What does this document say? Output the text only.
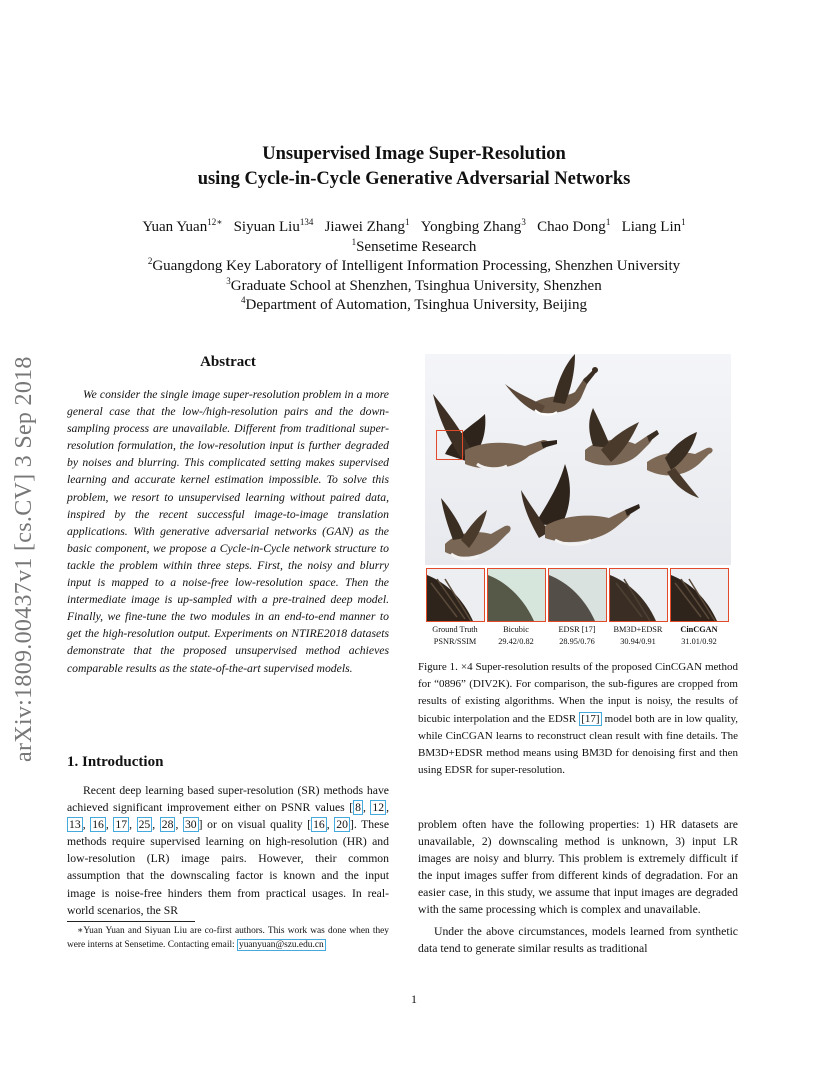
Unsupervised Image Super-Resolution
using Cycle-in-Cycle Generative Adversarial Networks
Yuan Yuan$^{12∗}$ Siyuan Liu$^{134}$ Jiawei Zhang$^1$ Yongbing Zhang$^3$ Chao Dong$^1$ Liang Lin$^1$
$^1$Sensetime Research
$^2$Guangdong Key Laboratory of Intelligent Information Processing, Shenzhen University
$^3$Graduate School at Shenzhen, Tsinghua University, Shenzhen
$^4$Department of Automation, Tsinghua University, Beijing
arXiv:1809.00437v1 [cs.CV] 3 Sep 2018	Abstract
We consider the single image super-resolution problem in a more general case that the low-/high-resolution pairs and the down-sampling process are unavailable. Different from traditional super-resolution formulation, the low-resolution input is further degraded by noises and blurring. This complicated setting makes supervised learning and accurate kernel estimation impossible. To solve this problem, we resort to unsupervised learning without paired data, inspired by the recent successful image-to-image translation applications. With generative adversarial networks (GAN) as the basic component, we propose a Cycle-in-Cycle network structure to tackle the problem within three steps. First, the noisy and blurry input is mapped to a noise-free low-resolution space. Then the intermediate image is up-sampled with a pre-trained deep model. Finally, we fine-tune the two modules in an end-to-end manner to get the high-resolution output. Experiments on NTIRE2018 datasets demonstrate that the proposed unsupervised method achieves comparable results as the state-of-the-art supervised models.
1. Introduction
Recent deep learning based super-resolution (SR) methods have achieved significant improvement either on PSNR values [ 8 , 12 , 13 , 16 , 17 , 25 , 28 , 30 ] or on visual quality [ 16 , 20 ]. These methods require supervised learning on high-resolution (HR) and low-resolution (LR) image pairs. However, their common assumption that the downscaling factor is known and the input image is noise-free hinders them from practical usages. In real-world scenarios, the SR
∗Yuan Yuan and Siyuan Liu are co-first authors. This work was done when they were interns at Sensetime. Contacting email: yuanyuan@szu.edu.cn
Ground Truth
PSNR/SSIM
Bicubic
29.42/0.82
EDSR [17]
28.95/0.76
BM3D+EDSR
30.94/0.91
CinCGAN
31.01/0.92
Figure 1. ×4 Super-resolution results of the proposed CinCGAN method for “0896” (DIV2K). For comparison, the sub-figures are cropped from results of existing algorithms. When the input is noisy, the results of bicubic interpolation and the EDSR [17] model both are in low quality, while CinCGAN learns to reconstruct clean result with fine details. The BM3D+EDSR method means using BM3D for denoising first and then using EDSR for super-resolution.

problem often have the following properties: 1) HR datasets are unavailable, 2) downscaling method is unknown, 3) input LR images are noisy and blurry. This problem is extremely difficult if the input images suffer from different kinds of degradation. For an easier case, in this study, we assume that input images are degraded with the same processing which is complex and unavailable.

Under the above circumstances, models learned from synthetic data tend to generate similar results as traditional

1
